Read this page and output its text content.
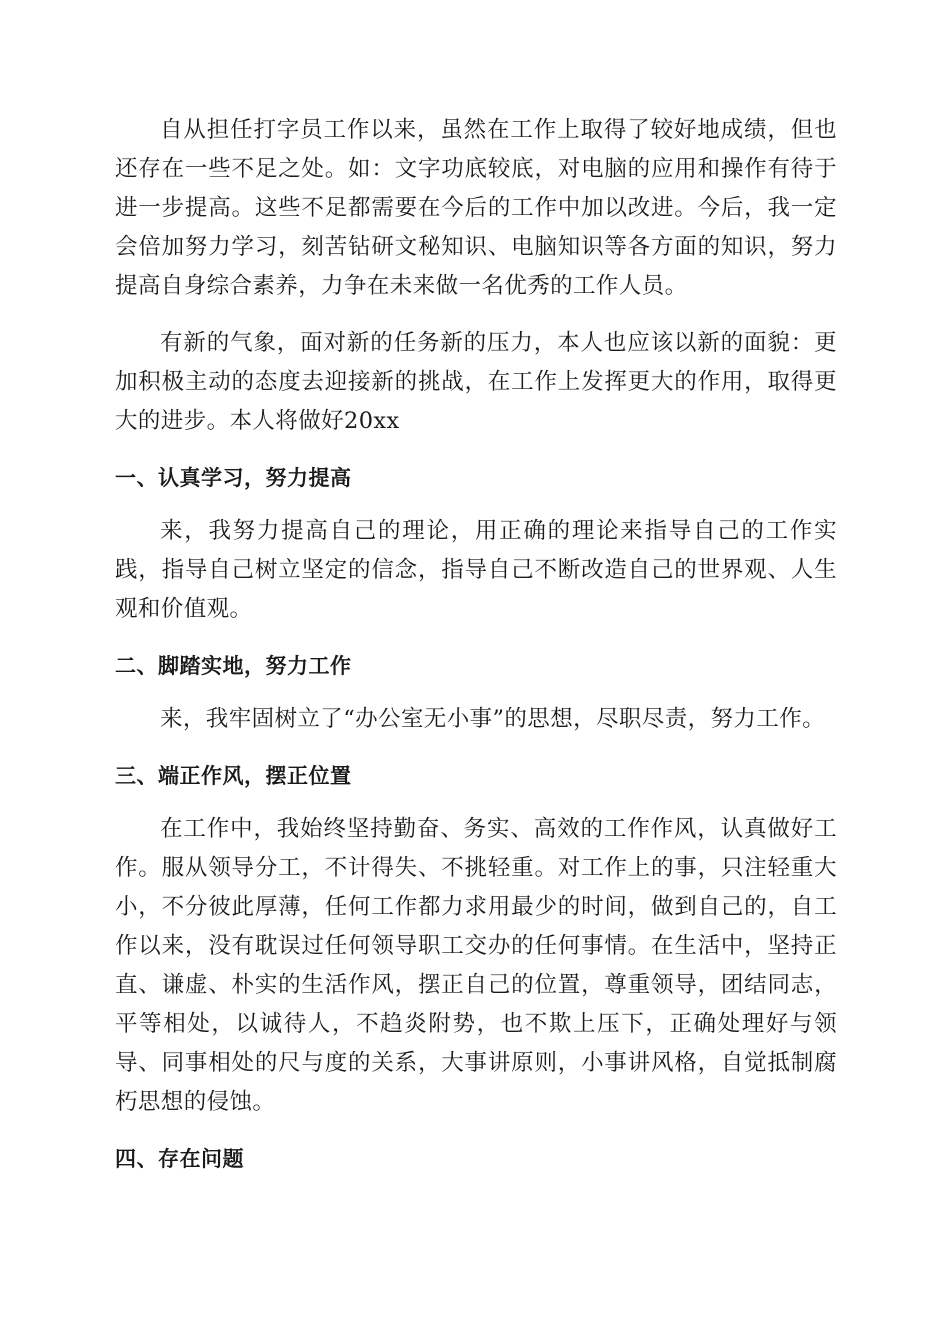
自从担任打字员工作以来，虽然在工作上取得了较好地成绩，但也还存在一些不足之处。如：文字功底较底，对电脑的应用和操作有待于进一步提高。这些不足都需要在今后的工作中加以改进。今后，我一定会倍加努力学习，刻苦钻研文秘知识、电脑知识等各方面的知识，努力提高自身综合素养，力争在未来做一名优秀的工作人员。

有新的气象，面对新的任务新的压力，本人也应该以新的面貌：更加积极主动的态度去迎接新的挑战，在工作上发挥更大的作用，取得更大的进步。本人将做好20xx

一、认真学习，努力提高

来，我努力提高自己的理论，用正确的理论来指导自己的工作实践，指导自己树立坚定的信念，指导自己不断改造自己的世界观、人生观和价值观。

二、脚踏实地，努力工作

来，我牢固树立了“办公室无小事”的思想，尽职尽责，努力工作。

三、端正作风，摆正位置

在工作中，我始终坚持勤奋、务实、高效的工作作风，认真做好工作。服从领导分工，不计得失、不挑轻重。对工作上的事，只注轻重大小，不分彼此厚薄，任何工作都力求用最少的时间，做到自己的，自工作以来，没有耽误过任何领导职工交办的任何事情。在生活中，坚持正直、谦虚、朴实的生活作风，摆正自己的位置，尊重领导，团结同志，平等相处，以诚待人，不趋炎附势，也不欺上压下，正确处理好与领导、同事相处的尺与度的关系，大事讲原则，小事讲风格，自觉抵制腐朽思想的侵蚀。

四、存在问题
